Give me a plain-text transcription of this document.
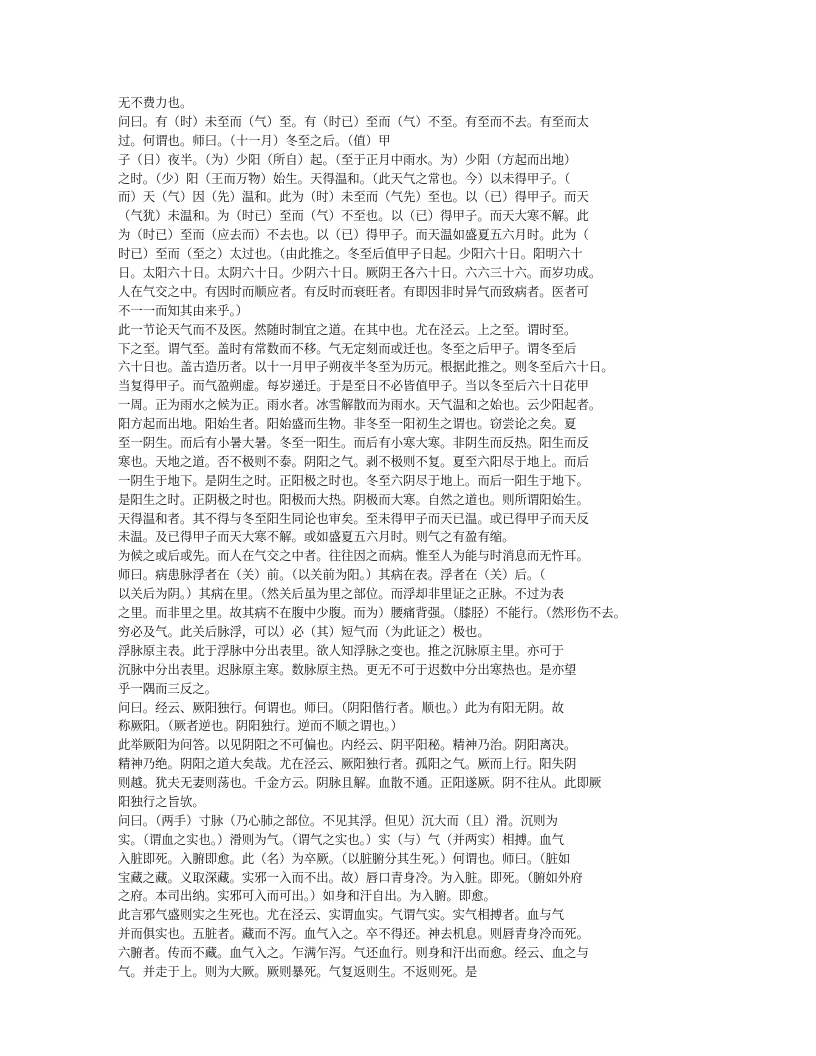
无不费力也。
问曰。有（时）未至而（气）至。有（时已）至而（气）不至。有至而不去。有至而太
过。何谓也。师曰。（十一月）冬至之后。（值）甲
子（日）夜半。（为）少阳（所自）起。（至于正月中雨水。为）少阳（方起而出地）
之时。（少）阳（王而万物）始生。天得温和。（此天气之常也。今）以未得甲子。（
而）天（气）因（先）温和。此为（时）未至而（气先）至也。以（已）得甲子。而天
（气犹）未温和。为（时已）至而（气）不至也。以（已）得甲子。而天大寒不解。此
为（时已）至而（应去而）不去也。以（已）得甲子。而天温如盛夏五六月时。此为（
时已）至而（至之）太过也。（由此推之。冬至后值甲子日起。少阳六十日。阳明六十
日。太阳六十日。太阴六十日。少阴六十日。厥阴王各六十日。六六三十六。而岁功成。
人在气交之中。有因时而顺应者。有反时而衰旺者。有即因非时异气而致病者。医者可
不一一而知其由来乎。）
此一节论天气而不及医。然随时制宜之道。在其中也。尤在泾云。上之至。谓时至。
下之至。谓气至。盖时有常数而不移。气无定刻而或迁也。冬至之后甲子。谓冬至后
六十日也。盖古造历者。以十一月甲子朔夜半冬至为历元。根据此推之。则冬至后六十日。
当复得甲子。而气盈朔虚。每岁递迁。于是至日不必皆值甲子。当以冬至后六十日花甲
一周。正为雨水之候为正。雨水者。冰雪解散而为雨水。天气温和之始也。云少阳起者。
阳方起而出地。阳始生者。阳始盛而生物。非冬至一阳初生之谓也。窃尝论之矣。夏
至一阴生。而后有小暑大暑。冬至一阳生。而后有小寒大寒。非阴生而反热。阳生而反
寒也。天地之道。否不极则不泰。阴阳之气。剥不极则不复。夏至六阳尽于地上。而后
一阴生于地下。是阴生之时。正阳极之时也。冬至六阴尽于地上。而后一阳生于地下。
是阳生之时。正阴极之时也。阳极而大热。阴极而大寒。自然之道也。则所谓阳始生。
天得温和者。其不得与冬至阳生同论也审矣。至未得甲子而天已温。或已得甲子而天反
未温。及已得甲子而天大寒不解。或如盛夏五六月时。则气之有盈有缩。
为候之或后或先。而人在气交之中者。往往因之而病。惟至人为能与时消息而无忤耳。
师曰。病患脉浮者在（关）前。（以关前为阳。）其病在表。浮者在（关）后。（
以关后为阴。）其病在里。（然关后虽为里之部位。而浮却非里证之正脉。不过为表
之里。而非里之里。故其病不在腹中少腹。而为）腰痛背强。（膝胫）不能行。（然形伤不去。
穷必及气。此关后脉浮，可以）必（其）短气而（为此证之）极也。
浮脉原主表。此于浮脉中分出表里。欲人知浮脉之变也。推之沉脉原主里。亦可于
沉脉中分出表里。迟脉原主寒。数脉原主热。更无不可于迟数中分出寒热也。是亦望
乎一隅而三反之。
问曰。经云、厥阳独行。何谓也。师曰。（阴阳偕行者。顺也。）此为有阳无阴。故
称厥阳。（厥者逆也。阴阳独行。逆而不顺之谓也。）
此举厥阳为问答。以见阴阳之不可偏也。内经云、阴平阳秘。精神乃治。阴阳离决。
精神乃绝。阴阳之道大矣哉。尤在泾云、厥阳独行者。孤阳之气。厥而上行。阳失阴
则越。犹夫无妻则荡也。千金方云。阴脉且解。血散不通。正阳遂厥。阴不往从。此即厥
阳独行之旨欤。
问曰。（两手）寸脉（乃心肺之部位。不见其浮。但见）沉大而（且）滑。沉则为
实。（谓血之实也。）滑则为气。（谓气之实也。）实（与）气（并两实）相搏。血气
入脏即死。入腑即愈。此（名）为卒厥。（以脏腑分其生死。）何谓也。师曰。（脏如
宝藏之藏。义取深藏。实邪一入而不出。故）唇口青身冷。为入脏。即死。（腑如外府
之府。本司出纳。实邪可入而可出。）如身和汗自出。为入腑。即愈。
此言邪气盛则实之生死也。尤在泾云、实谓血实。气谓气实。实气相搏者。血与气
并而俱实也。五脏者。藏而不泻。血气入之。卒不得还。神去机息。则唇青身冷而死。
六腑者。传而不藏。血气入之。乍满乍泻。气还血行。则身和汗出而愈。经云、血之与
气。并走于上。则为大厥。厥则暴死。气复返则生。不返则死。是
